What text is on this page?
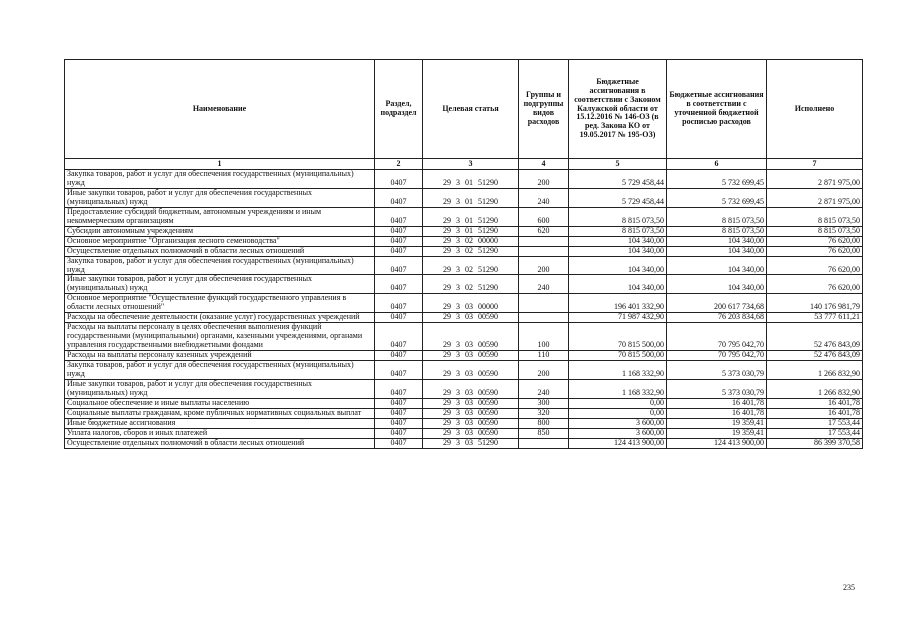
Наименование	Раздел, подраздел	Целевая статья	Группы и подгруппы видов расходов	Бюджетные ассигнования в соответствии с Законом Калужской области от 15.12.2016 № 146-ОЗ (в ред. Закона КО от 19.05.2017 № 195-ОЗ)	Бюджетные ассигнования в соответствии с уточненной бюджетной росписью расходов	Исполнено
1	2	3	4	5	6	7
Закупка товаров, работ и услуг для обеспечения государственных (муниципальных) нужд	0407	29 3 01 51290	200	5 729 458,44	5 732 699,45	2 871 975,00
Иные закупки товаров, работ и услуг для обеспечения государственных (муниципальных) нужд	0407	29 3 01 51290	240	5 729 458,44	5 732 699,45	2 871 975,00
Предоставление субсидий бюджетным, автономным учреждениям и иным некоммерческим организациям	0407	29 3 01 51290	600	8 815 073,50	8 815 073,50	8 815 073,50
Субсидии автономным учреждениям	0407	29 3 01 51290	620	8 815 073,50	8 815 073,50	8 815 073,50
Основное мероприятие "Организация лесного семеноводства"	0407	29 3 02 00000		104 340,00	104 340,00	76 620,00
Осуществление отдельных полномочий в области лесных отношений	0407	29 3 02 51290		104 340,00	104 340,00	76 620,00
Закупка товаров, работ и услуг для обеспечения государственных (муниципальных) нужд	0407	29 3 02 51290	200	104 340,00	104 340,00	76 620,00
Иные закупки товаров, работ и услуг для обеспечения государственных (муниципальных) нужд	0407	29 3 02 51290	240	104 340,00	104 340,00	76 620,00
Основное мероприятие "Осуществление функций государственного управления в области лесных отношений"	0407	29 3 03 00000		196 401 332,90	200 617 734,68	140 176 981,79
Расходы на обеспечение деятельности (оказание услуг) государственных учреждений	0407	29 3 03 00590		71 987 432,90	76 203 834,68	53 777 611,21
Расходы на выплаты персоналу в целях обеспечения выполнения функций государственными (муниципальными) органами, казенными учреждениями, органами управления государственными внебюджетными фондами	0407	29 3 03 00590	100	70 815 500,00	70 795 042,70	52 476 843,09
Расходы на выплаты персоналу казенных учреждений	0407	29 3 03 00590	110	70 815 500,00	70 795 042,70	52 476 843,09
Закупка товаров, работ и услуг для обеспечения государственных (муниципальных) нужд	0407	29 3 03 00590	200	1 168 332,90	5 373 030,79	1 266 832,90
Иные закупки товаров, работ и услуг для обеспечения государственных (муниципальных) нужд	0407	29 3 03 00590	240	1 168 332,90	5 373 030,79	1 266 832,90
Социальное обеспечение и иные выплаты населению	0407	29 3 03 00590	300	0,00	16 401,78	16 401,78
Социальные выплаты гражданам, кроме публичных нормативных социальных выплат	0407	29 3 03 00590	320	0,00	16 401,78	16 401,78
Иные бюджетные ассигнования	0407	29 3 03 00590	800	3 600,00	19 359,41	17 553,44
Уплата налогов, сборов и иных платежей	0407	29 3 03 00590	850	3 600,00	19 359,41	17 553,44
Осуществление отдельных полномочий в области лесных отношений	0407	29 3 03 51290		124 413 900,00	124 413 900,00	86 399 370,58
235
